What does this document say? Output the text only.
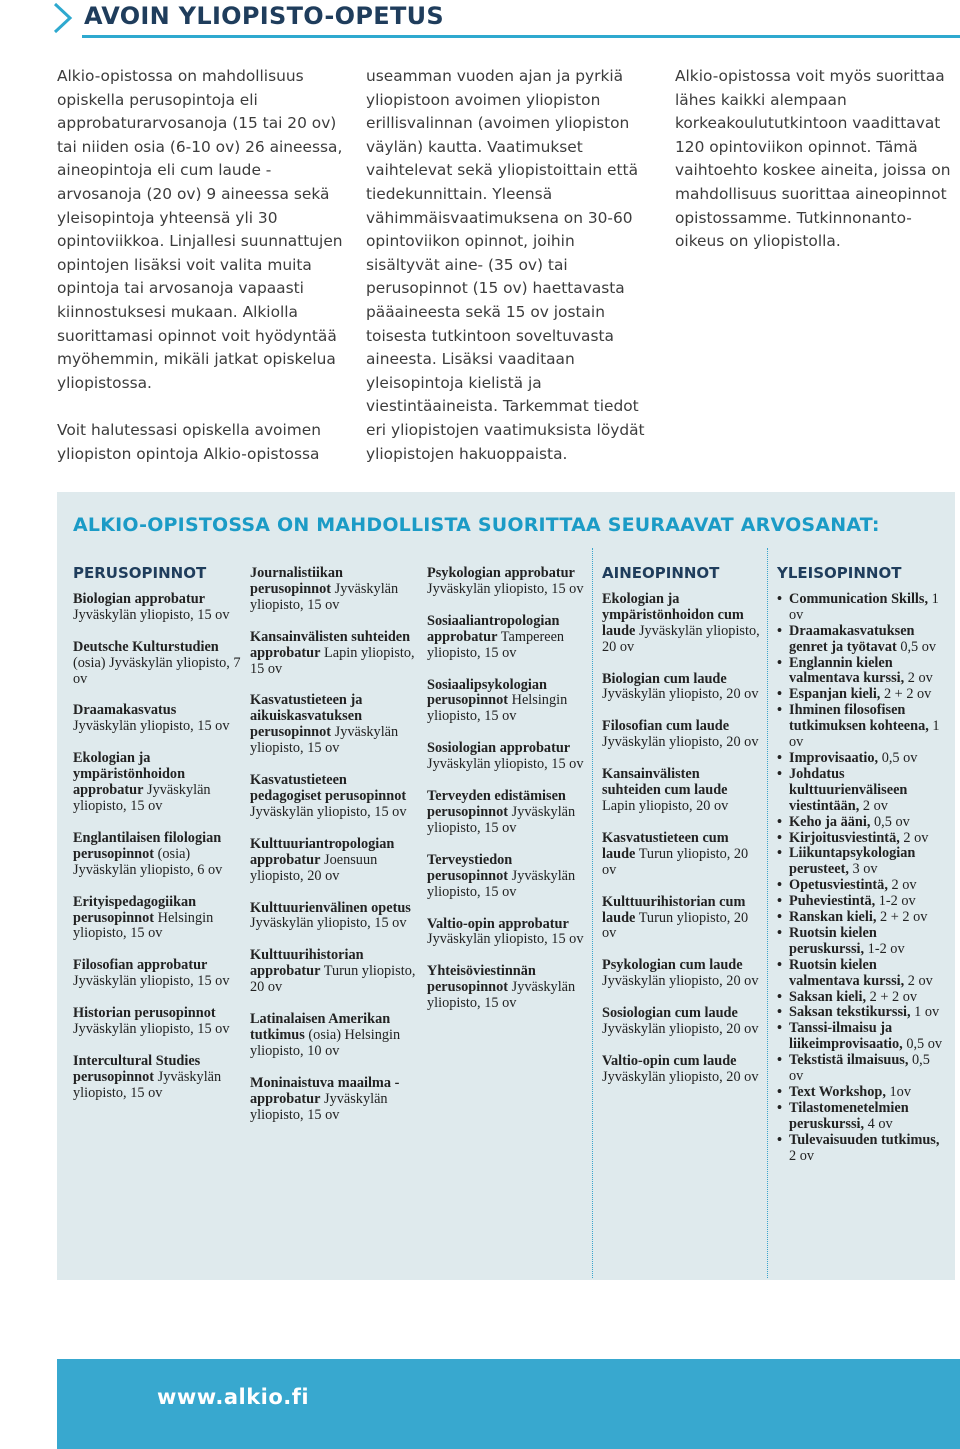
AVOIN YLIOPISTO-OPETUS

Alkio-opistossa on mahdollisuus opiskella perusopintoja eli approbaturarvosanoja (15 tai 20 ov) tai niiden osia (6-10 ov) 26 aineessa, aineopintoja eli cum laude -arvosanoja (20 ov) 9 aineessa sekä yleisopintoja yhteensä yli 30 opintoviikkoa. Linjallesi suunnattujen opintojen lisäksi voit valita muita opintoja tai arvosanoja vapaasti kiinnostuksesi mukaan. Alkiolla suorittamasi opinnot voit hyödyntää myöhemmin, mikäli jatkat opiskelua yliopistossa.

Voit halutessasi opiskella avoimen yliopiston opintoja Alkio-opistossa

useamman vuoden ajan ja pyrkiä yliopistoon avoimen yliopiston erillisvalinnan (avoimen yliopiston väylän) kautta. Vaatimukset vaihtelevat sekä yliopistoittain että tiedekunnittain. Yleensä vähimmäisvaatimuksena on 30-60 opintoviikon opinnot, joihin sisältyvät aine- (35 ov) tai perusopinnot (15 ov) haettavasta pääaineesta sekä 15 ov jostain toisesta tutkintoon soveltuvasta aineesta. Lisäksi vaaditaan yleisopintoja kielistä ja viestintäaineista. Tarkemmat tiedot eri yliopistojen vaatimuksista löydät yliopistojen hakuoppaista.

Alkio-opistossa voit myös suorittaa lähes kaikki alempaan korkeakoulututkintoon vaadittavat 120 opintoviikon opinnot. Tämä vaihtoehto koskee aineita, joissa on mahdollisuus suorittaa aineopinnot opistossamme. Tutkinnonanto-oikeus on yliopistolla.

ALKIO-OPISTOSSA ON MAHDOLLISTA SUORITTAA SEURAAVAT ARVOSANAT:
PERUSOPINNOT
Biologian approbatur Jyväskylän yliopisto, 15 ov
Deutsche Kulturstudien (osia) Jyväskylän yliopisto, 7 ov
Draamakasvatus Jyväskylän yliopisto, 15 ov
Ekologian ja ympäristönhoidon approbatur Jyväskylän yliopisto, 15 ov
Englantilaisen filologian perusopinnot (osia) Jyväskylän yliopisto, 6 ov
Erityispedagogiikan perusopinnot Helsingin yliopisto, 15 ov
Filosofian approbatur Jyväskylän yliopisto, 15 ov
Historian perusopinnot Jyväskylän yliopisto, 15 ov
Intercultural Studies perusopinnot Jyväskylän yliopisto, 15 ov
Journalistiikan perusopinnot Jyväskylän yliopisto, 15 ov
Kansainvälisten suhteiden approbatur Lapin yliopisto, 15 ov
Kasvatustieteen ja aikuiskasvatuksen perusopinnot Jyväskylän yliopisto, 15 ov
Kasvatustieteen pedagogiset perusopinnot Jyväskylän yliopisto, 15 ov
Kulttuuriantropologian approbatur Joensuun yliopisto, 20 ov
Kulttuurienvälinen opetus Jyväskylän yliopisto, 15 ov
Kulttuurihistorian approbatur Turun yliopisto, 20 ov
Latinalaisen Amerikan tutkimus (osia) Helsingin yliopisto, 10 ov
Moninaistuva maailma -approbatur Jyväskylän yliopisto, 15 ov
Psykologian approbatur Jyväskylän yliopisto, 15 ov
Sosiaaliantropologian approbatur Tampereen yliopisto, 15 ov
Sosiaalipsykologian perusopinnot Helsingin yliopisto, 15 ov
Sosiologian approbatur Jyväskylän yliopisto, 15 ov
Terveyden edistämisen perusopinnot Jyväskylän yliopisto, 15 ov
Terveystiedon perusopinnot Jyväskylän yliopisto, 15 ov
Valtio-opin approbatur Jyväskylän yliopisto, 15 ov
Yhteisöviestinnän perusopinnot Jyväskylän yliopisto, 15 ov
AINEOPINNOT
Ekologian ja ympäristönhoidon cum laude Jyväskylän yliopisto, 20 ov
Biologian cum laude Jyväskylän yliopisto, 20 ov
Filosofian cum laude Jyväskylän yliopisto, 20 ov
Kansainvälisten suhteiden cum laude Lapin yliopisto, 20 ov
Kasvatustieteen cum laude Turun yliopisto, 20 ov
Kulttuurihistorian cum laude Turun yliopisto, 20 ov
Psykologian cum laude Jyväskylän yliopisto, 20 ov
Sosiologian cum laude Jyväskylän yliopisto, 20 ov
Valtio-opin cum laude Jyväskylän yliopisto, 20 ov
YLEISOPINNOT
• Communication Skills, 1 ov
• Draamakasvatuksen genret ja työtavat 0,5 ov
• Englannin kielen valmentava kurssi, 2 ov
• Espanjan kieli, 2 + 2 ov
• Ihminen filosofisen tutkimuksen kohteena, 1 ov
• Improvisaatio, 0,5 ov
• Johdatus kulttuurienväliseen viestintään, 2 ov
• Keho ja ääni, 0,5 ov
• Kirjoitusviestintä, 2 ov
• Liikuntapsykologian perusteet, 3 ov
• Opetusviestintä, 2 ov
• Puheviestintä, 1-2 ov
• Ranskan kieli, 2 + 2 ov
• Ruotsin kielen peruskurssi, 1-2 ov
• Ruotsin kielen valmentava kurssi, 2 ov
• Saksan kieli, 2 + 2 ov
• Saksan tekstikurssi, 1 ov
• Tanssi-ilmaisu ja liikeimprovisaatio, 0,5 ov
• Tekstistä ilmaisuus, 0,5 ov
• Text Workshop, 1ov
• Tilastomenetelmien peruskurssi, 4 ov
• Tulevaisuuden tutkimus, 2 ov
www.alkio.fi
